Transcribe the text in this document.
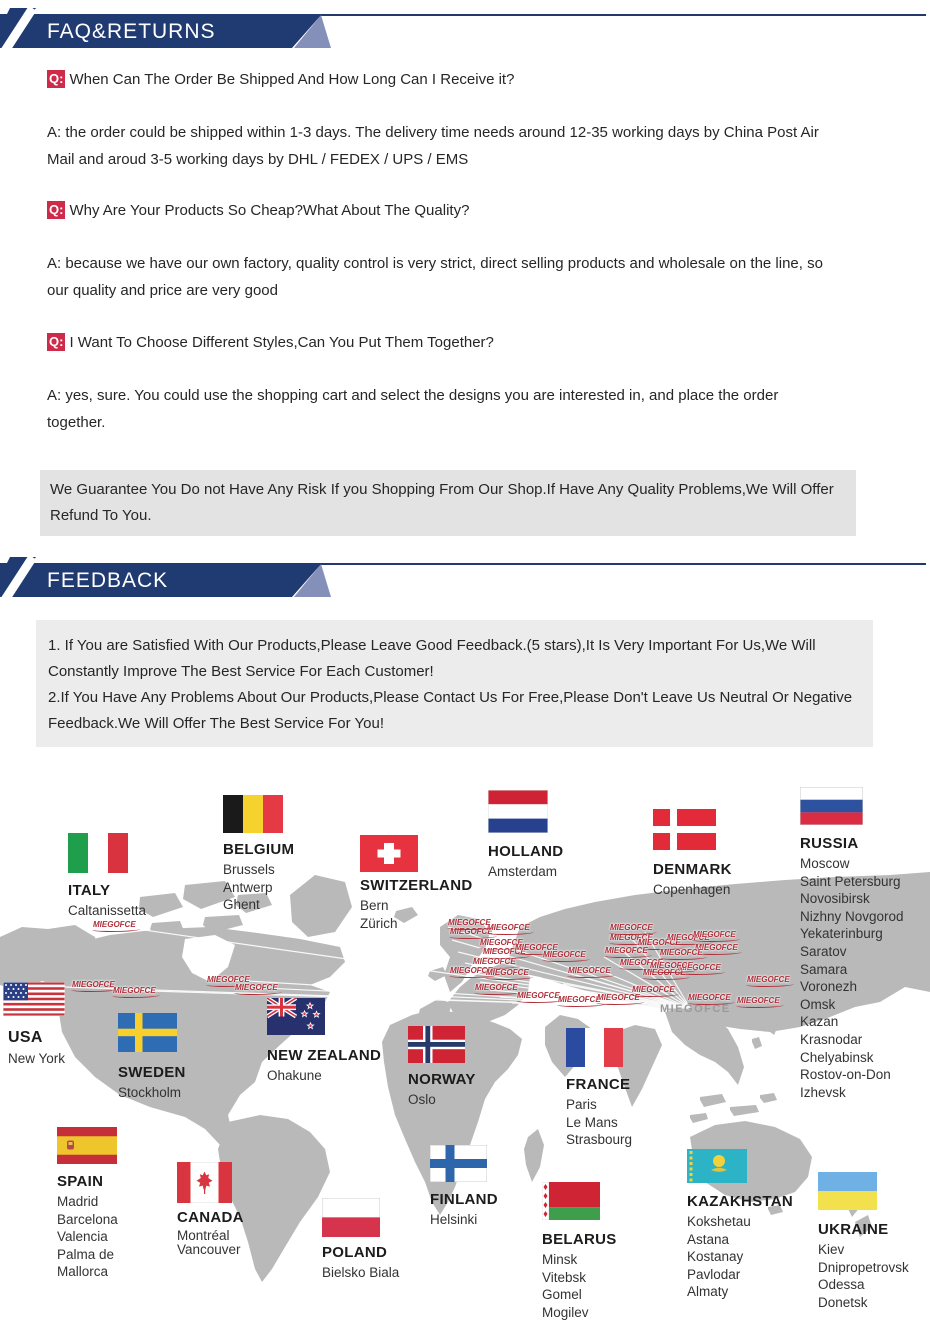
FAQ&RETURNS
Q: When Can The Order Be Shipped And How Long Can I Receive it?
A: the order could be shipped within 1-3 days. The delivery time needs around 12-35 working days by China Post Air Mail and aroud 3-5 working days by DHL / FEDEX / UPS / EMS
Q: Why Are Your Products So Cheap?What About The Quality?
A: because we have our own factory, quality control is very strict, direct selling products and wholesale on the line, so our quality and price are very good
Q: I Want To Choose Different Styles,Can You Put Them Together?
A: yes, sure. You could use the shopping cart and select the designs you are interested in, and place the order together.
We Guarantee You Do not Have Any Risk If you Shopping From Our Shop.If Have Any Quality Problems,We Will Offer Refund To You.
FEEDBACK
1. If You are Satisfied With Our Products,Please Leave Good Feedback.(5 stars),It Is Very Important For Us,We Will Constantly Improve The Best Service For Each Customer!
2.If You Have Any Problems About Our Products,Please Contact Us For Free,Please Don't Leave Us Neutral Or Negative Feedback.We Will Offer The Best Service For You!
MIEGOFCE
MIEGOFCE
MIEGOFCE
MIEGOFCE
MIEGOFCE
MIEGOFCE
MIEGOFCE
MIEGOFCE
MIEGOFCE
MIEGOFCE
MIEGOFCE
MIEGOFCE
MIEGOFCE
MIEGOFCE
MIEGOFCE
MIEGOFCE
MIEGOFCE
MIEGOFCE
MIEGOFCE
MIEGOFCE
MIEGOFCE
MIEGOFCE
MIEGOFCE
MIEGOFCE
MIEGOFCE
MIEGOFCE
MIEGOFCE MIEGOFCE
MIEGOFCE
MIEGOFCE
MIEGOFCE
MIEGOFCE
MIEGOFCE
MIEGOFCE
MIEGOFCE
MIEGOFCE
MIEGOFCE
ITALY
Caltanissetta
BELGIUM
Brussels
Antwerp
Ghent
SWITZERLAND
Bern
Zürich
HOLLAND
Amsterdam	DENMARK
Copenhagen
RUSSIA
Moscow
Saint Petersburg
Novosibirsk
Nizhny Novgorod
Yekaterinburg
Saratov
Samara
Voronezh
Omsk
Kazan
Krasnodar
Chelyabinsk
Rostov-on-Don
Izhevsk
USA
New York
SWEDEN
Stockholm
NEW ZEALAND
Ohakune	NORWAY
Oslo
FRANCE
Paris
Le Mans
Strasbourg
SPAIN
Madrid
Barcelona
Valencia
Palma de
Mallorca
CANADA
Montréal
Vancouver	POLAND
Bielsko Biala
FINLAND
Helsinki
BELARUS
Minsk
Vitebsk
Gomel
Mogilev
KAZAKHSTAN
Kokshetau
Astana
Kostanay
Pavlodar
Almaty
UKRAINE
Kiev
Dnipropetrovsk
Odessa
Donetsk
